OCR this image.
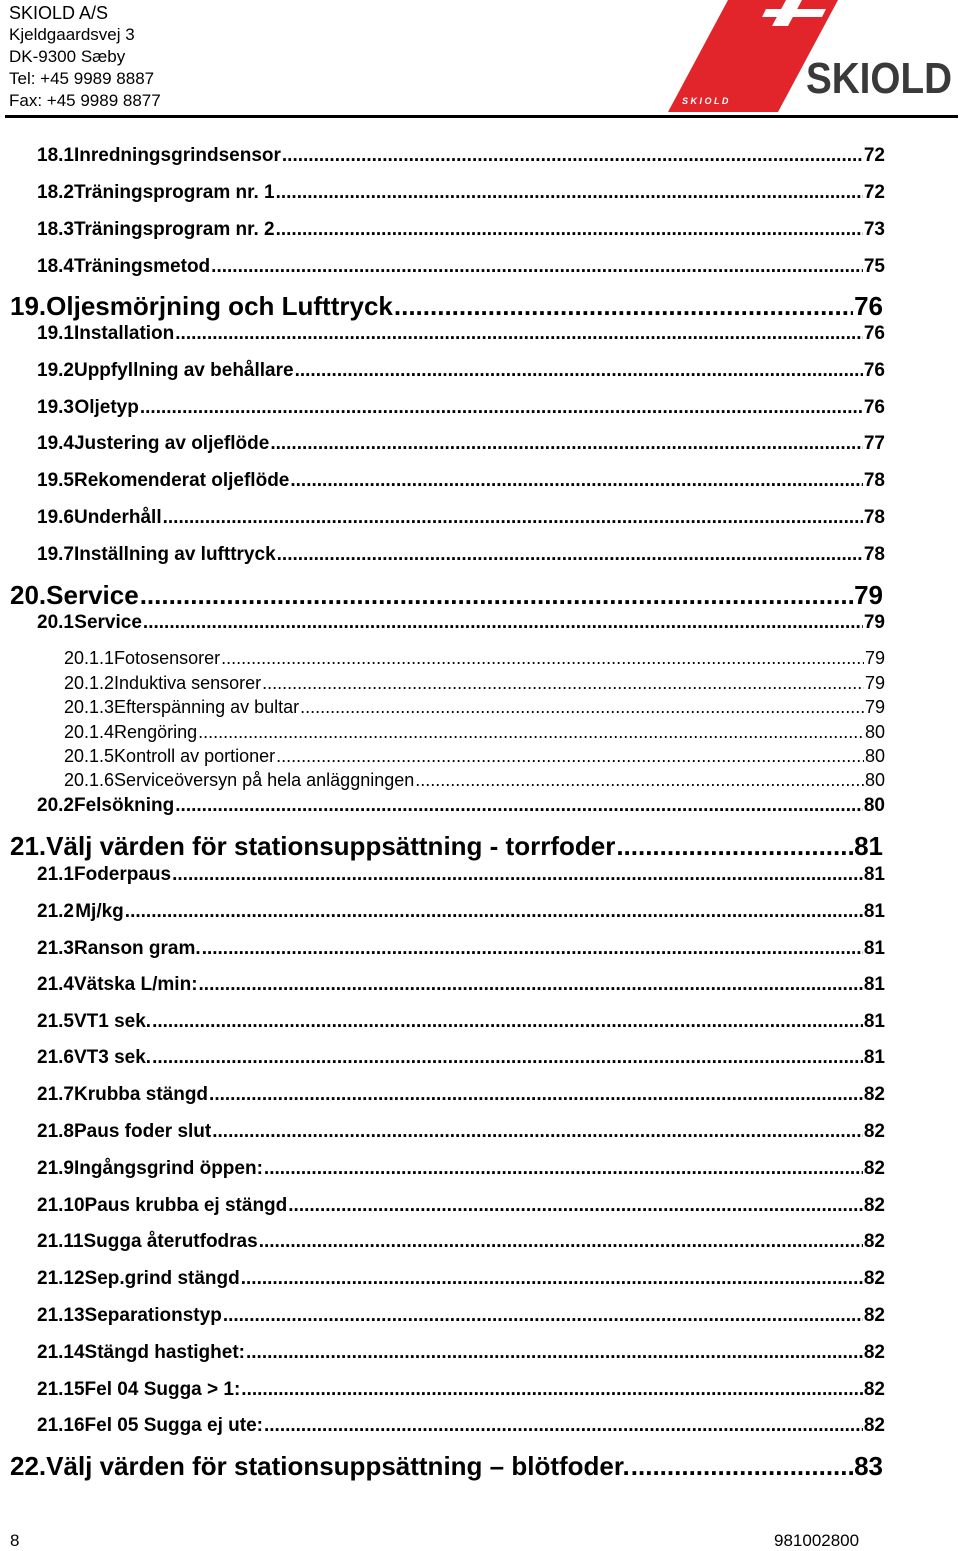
SKIOLD A/S
Kjeldgaardsvej 3
DK-9300 Sæby
Tel: +45 9989 8887
Fax: +45 9989 8877	S K I O L D SKIOLD
18.1 Inredningsgrindsensor .....	72
18.2 Träningsprogram nr. 1 .....	72
18.3 Träningsprogram nr. 2 .....	73
18.4 Träningsmetod .....	75
19. Oljesmörjning och Lufttryck .....	76
19.1 Installation .....	76
19.2 Uppfyllning av behållare .....	76
19.3 Oljetyp .....	76
19.4 Justering av oljeflöde .....	77
19.5 Rekomenderat oljeflöde .....	78
19.6 Underhåll .....	78
19.7 Inställning av lufttryck .....	78
20. Service .....	79
20.1 Service .....	79
20.1.1 Fotosensorer .....	79
20.1.2 Induktiva sensorer .....	79
20.1.3 Efterspänning av bultar .....	79
20.1.4 Rengöring .....	80
20.1.5 Kontroll av portioner .....	80
20.1.6 Serviceöversyn på hela anläggningen .....	80
20.2 Felsökning .....	80
21. Välj värden för stationsuppsättning - torrfoder .....	81
21.1 Foderpaus .....	81
21.2 Mj/kg .....	81
21.3 Ranson gram. .....	81
21.4 Vätska L/min: .....	81
21.5 VT1 sek. .....	81
21.6 VT3 sek. .....	81
21.7 Krubba stängd .....	82
21.8 Paus foder slut .....	82
21.9 Ingångsgrind öppen: .....	82
21.10 Paus krubba ej stängd .....	82
21.11 Sugga återutfodras .....	82
21.12 Sep.grind stängd .....	82
21.13 Separationstyp .....	82
21.14 Stängd hastighet: .....	82
21.15 Fel 04 Sugga > 1: .....	82
21.16 Fel 05 Sugga ej ute: .....	82
22. Välj värden för stationsuppsättning – blötfoder. .....	83
8	981002800
